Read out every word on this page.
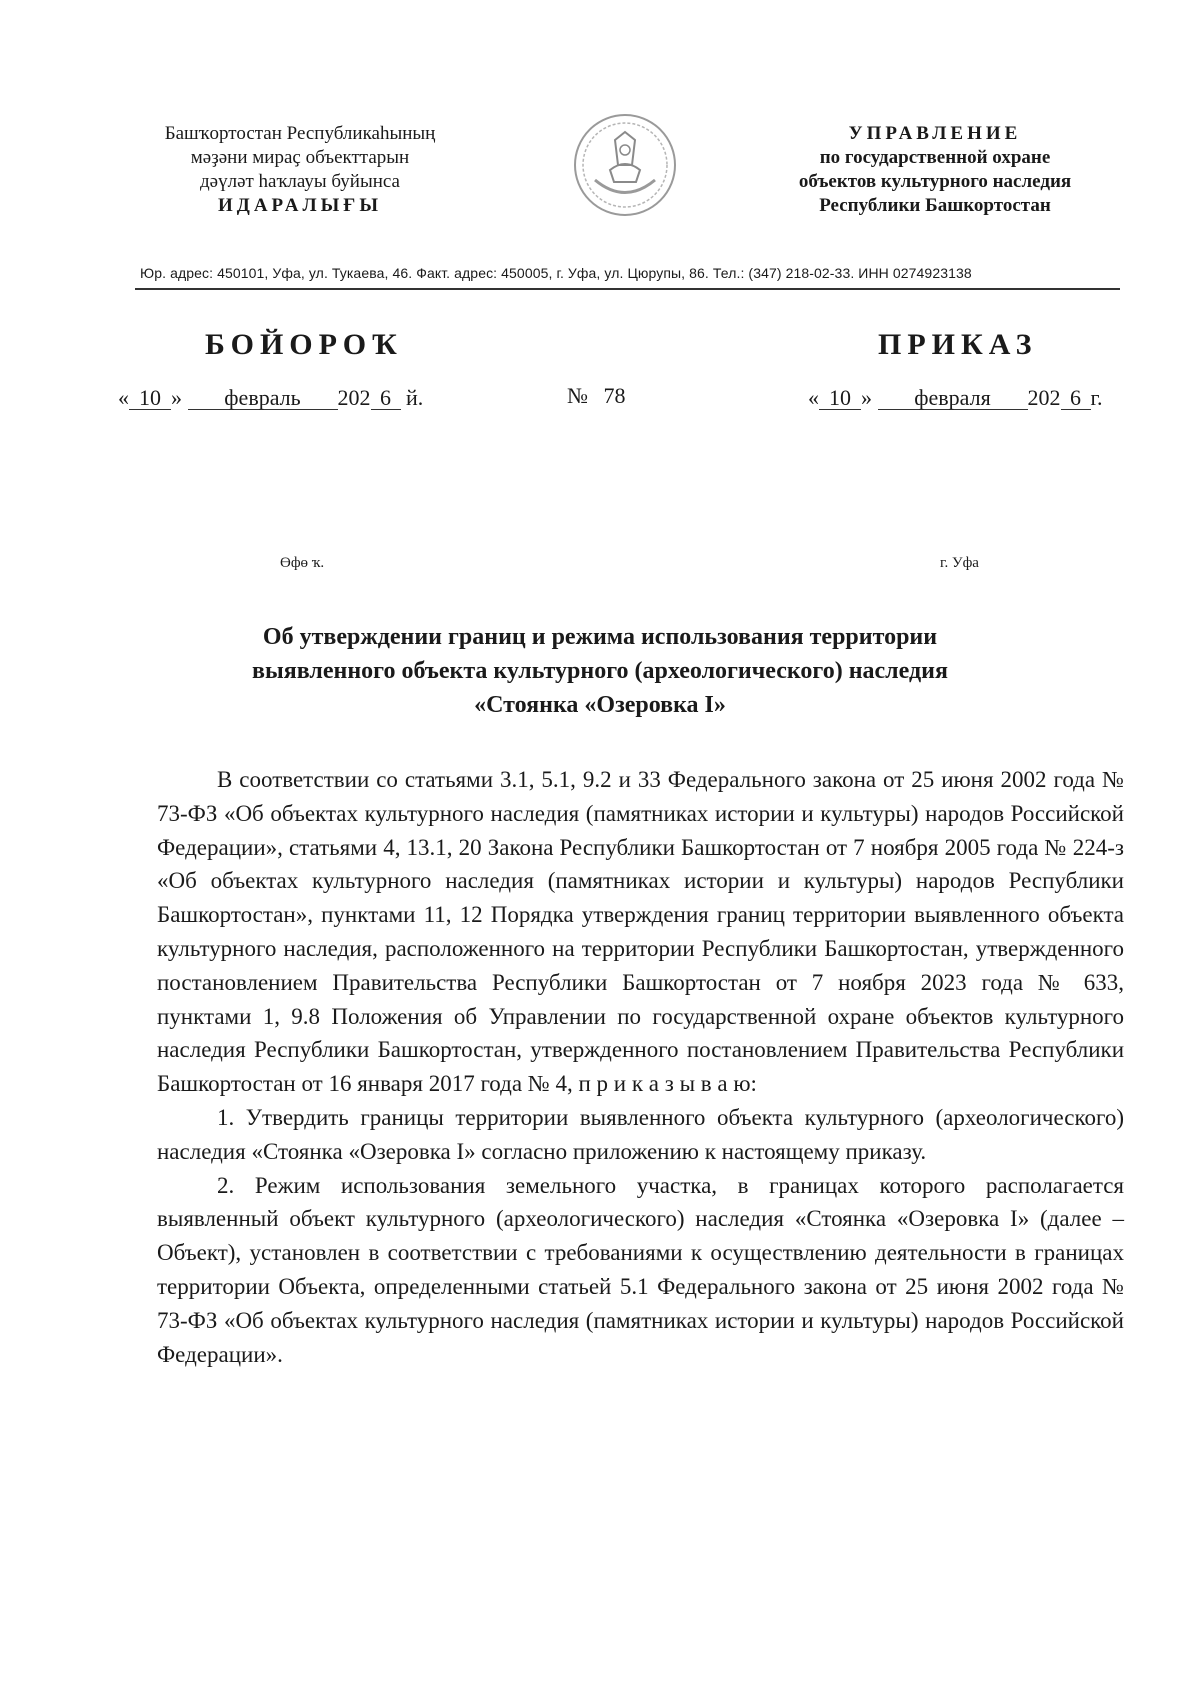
Башҡортостан Республикаһының
мәҙәни мираҫ объекттарын
дәүләт һаҡлауы буйынса
ИДАРАЛЫҒЫ
УПРАВЛЕНИЕ
по государственной охране
объектов культурного наследия
Республики Башкортостан
Юр. адрес: 450101, Уфа, ул. Тукаева, 46. Факт. адрес: 450005, г. Уфа, ул. Цюрупы, 86. Тел.: (347) 218-02-33. ИНН 0274923138
БОЙОРОҠ	ПРИКАЗ
« 10 » февраль 202 6 й.	№ 78	« 10 » февраля 202 6 г.
Өфө ҡ.	г. Уфа
Об утверждении границ и режима использования территории
выявленного объекта культурного (археологического) наследия
«Стоянка «Озеровка I»

В соответствии со статьями 3.1, 5.1, 9.2 и 33 Федерального закона от 25 июня 2002 года № 73-ФЗ «Об объектах культурного наследия (памятниках истории и культуры) народов Российской Федерации», статьями 4, 13.1, 20 Закона Республики Башкортостан от 7 ноября 2005 года № 224-з «Об объектах культурного наследия (памятниках истории и культуры) народов Республики Башкортостан», пунктами 11, 12 Порядка утверждения границ территории выявленного объекта культурного наследия, расположенного на территории Республики Башкортостан, утвержденного постановлением Правительства Республики Башкортостан от 7 ноября 2023 года № 633, пунктами 1, 9.8 Положения об Управлении по государственной охране объектов культурного наследия Республики Башкортостан, утвержденного постановлением Правительства Республики Башкортостан от 16 января 2017 года № 4, п р и к а з ы в а ю:

1. Утвердить границы территории выявленного объекта культурного (археологического) наследия «Стоянка «Озеровка I» согласно приложению к настоящему приказу.

2. Режим использования земельного участка, в границах которого располагается выявленный объект культурного (археологического) наследия «Стоянка «Озеровка I» (далее – Объект), установлен в соответствии с требованиями к осуществлению деятельности в границах территории Объекта, определенными статьей 5.1 Федерального закона от 25 июня 2002 года № 73-ФЗ «Об объектах культурного наследия (памятниках истории и культуры) народов Российской Федерации».
